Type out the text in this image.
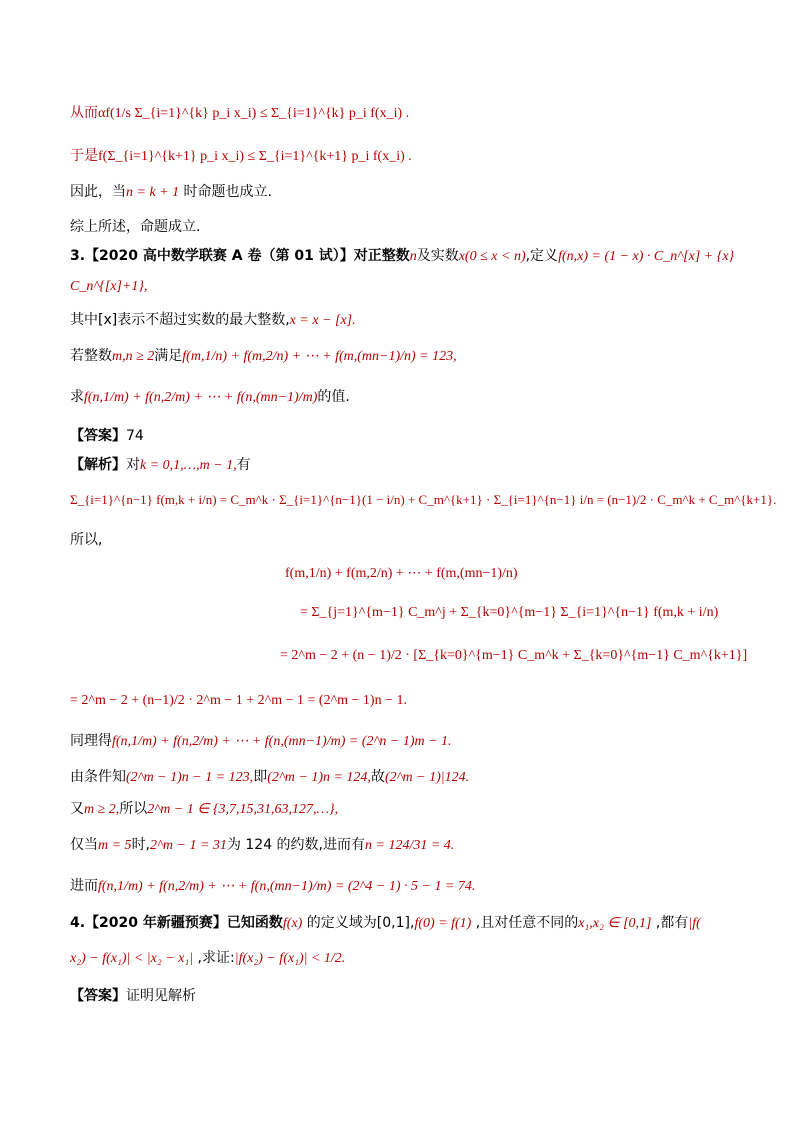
从而αf(1/s Σ_{i=1}^{k} p_i x_i) ≤ Σ_{i=1}^{k} p_i f(x_i) .
于是f(Σ_{i=1}^{k+1} p_i x_i) ≤ Σ_{i=1}^{k+1} p_i f(x_i) .
因此，当n = k + 1 时命题也成立.
综上所述，命题成立.
3.【2020 高中数学联赛 A 卷（第 01 试）】对正整数n及实数x(0 ≤ x < n),定义f(n,x) = (1 − x) · C_n^[x] + {x}
C_n^{[x]+1},
其中[x]表示不超过实数的最大整数,x = x − [x].
若整数m,n ≥ 2满足f(m,1/n) + f(m,2/n) + ⋯ + f(m,(mn−1)/n) = 123,
求f(n,1/m) + f(n,2/m) + ⋯ + f(n,(mn−1)/m)的值.
【答案】74
【解析】对k = 0,1,…,m − 1,有
Σ_{i=1}^{n−1} f(m,k + i/n) = C_m^k · Σ_{i=1}^{n−1}(1 − i/n) + C_m^{k+1} · Σ_{i=1}^{n−1} i/n = (n−1)/2 · C_m^k + C_m^{k+1}.
所以,
f(m,1/n) + f(m,2/n) + ⋯ + f(m,(mn−1)/n)
= Σ_{j=1}^{m−1} C_m^j + Σ_{k=0}^{m−1} Σ_{i=1}^{n−1} f(m,k + i/n)
= 2^m − 2 + (n − 1)/2 · [Σ_{k=0}^{m−1} C_m^k + Σ_{k=0}^{m−1} C_m^{k+1}]
= 2^m − 2 + (n−1)/2 · 2^m − 1 + 2^m − 1 = (2^m − 1)n − 1.
同理得f(n,1/m) + f(n,2/m) + ⋯ + f(n,(mn−1)/m) = (2^n − 1)m − 1.
由条件知(2^m − 1)n − 1 = 123,即(2^m − 1)n = 124,故(2^m − 1)|124.
又m ≥ 2,所以2^m − 1 ∈ {3,7,15,31,63,127,…},
仅当m = 5时,2^m − 1 = 31为 124 的约数,进而有n = 124/31 = 4.
进而f(n,1/m) + f(n,2/m) + ⋯ + f(n,(mn−1)/m) = (2^4 − 1) · 5 − 1 = 74.
4.【2020 年新疆预赛】已知函数f(x) 的定义域为[0,1],f(0) = f(1) ,且对任意不同的x₁,x₂ ∈ [0,1] ,都有|f(
x₂) − f(x₁)| < |x₂ − x₁| ,求证:|f(x₂) − f(x₁)| < 1/2.
【答案】证明见解析
